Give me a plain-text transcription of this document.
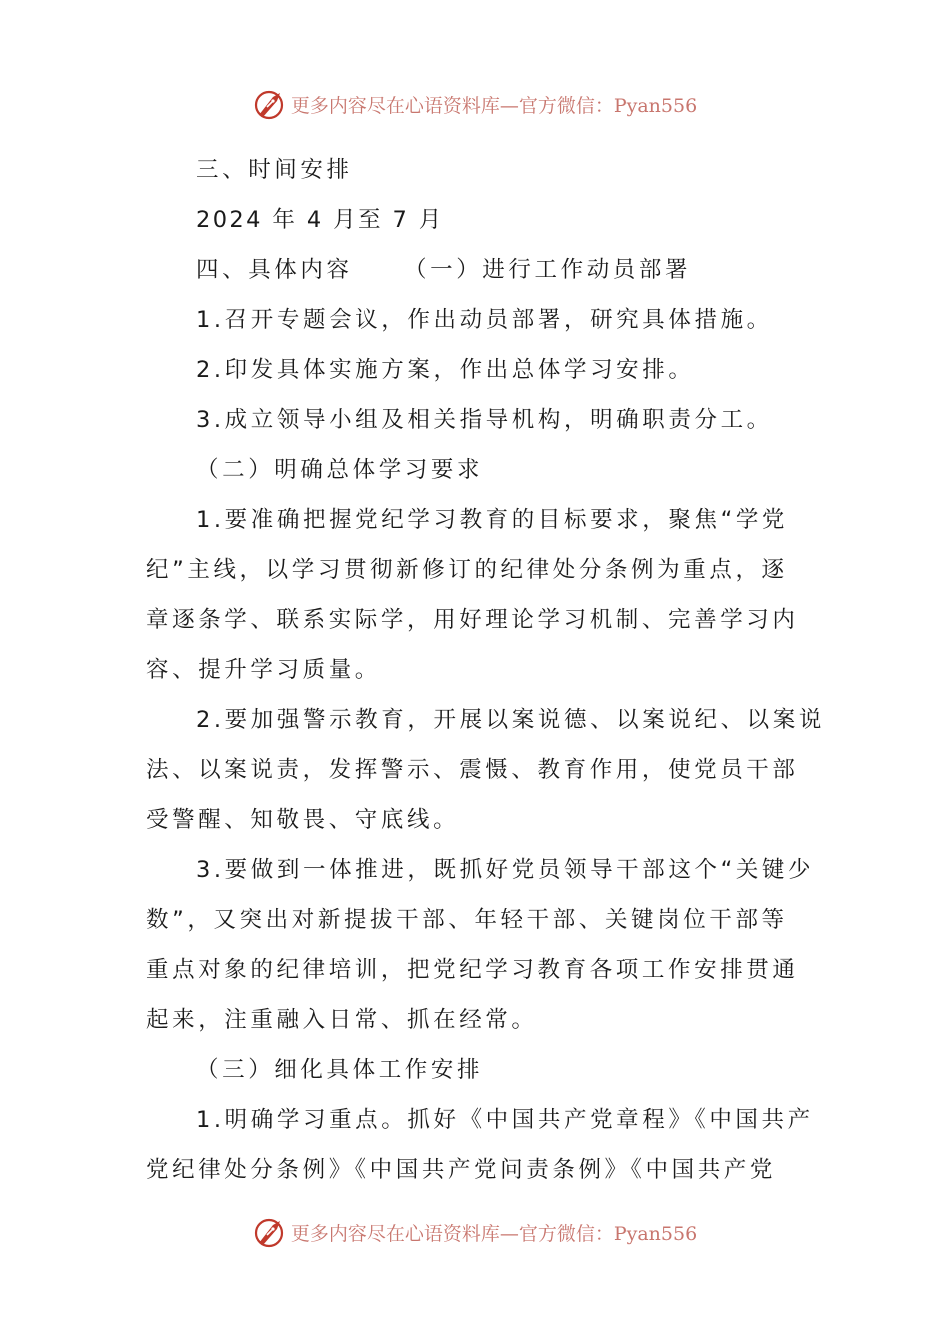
更多内容尽在心语资料库—官方微信：Pyan556
三、时间安排
2024 年 4 月至 7 月
四、具体内容 （一）进行工作动员部署
1.召开专题会议，作出动员部署，研究具体措施。
2.印发具体实施方案，作出总体学习安排。
3.成立领导小组及相关指导机构，明确职责分工。
（二）明确总体学习要求
1.要准确把握党纪学习教育的目标要求，聚焦“学党
纪”主线，以学习贯彻新修订的纪律处分条例为重点，逐
章逐条学、联系实际学，用好理论学习机制、完善学习内
容、提升学习质量。
2.要加强警示教育，开展以案说德、以案说纪、以案说
法、以案说责，发挥警示、震慑、教育作用，使党员干部
受警醒、知敬畏、守底线。
3.要做到一体推进，既抓好党员领导干部这个“关键少
数”，又突出对新提拔干部、年轻干部、关键岗位干部等
重点对象的纪律培训，把党纪学习教育各项工作安排贯通
起来，注重融入日常、抓在经常。
（三）细化具体工作安排
1.明确学习重点。抓好《中国共产党章程》《中国共产
党纪律处分条例》《中国共产党问责条例》《中国共产党
更多内容尽在心语资料库—官方微信：Pyan556
